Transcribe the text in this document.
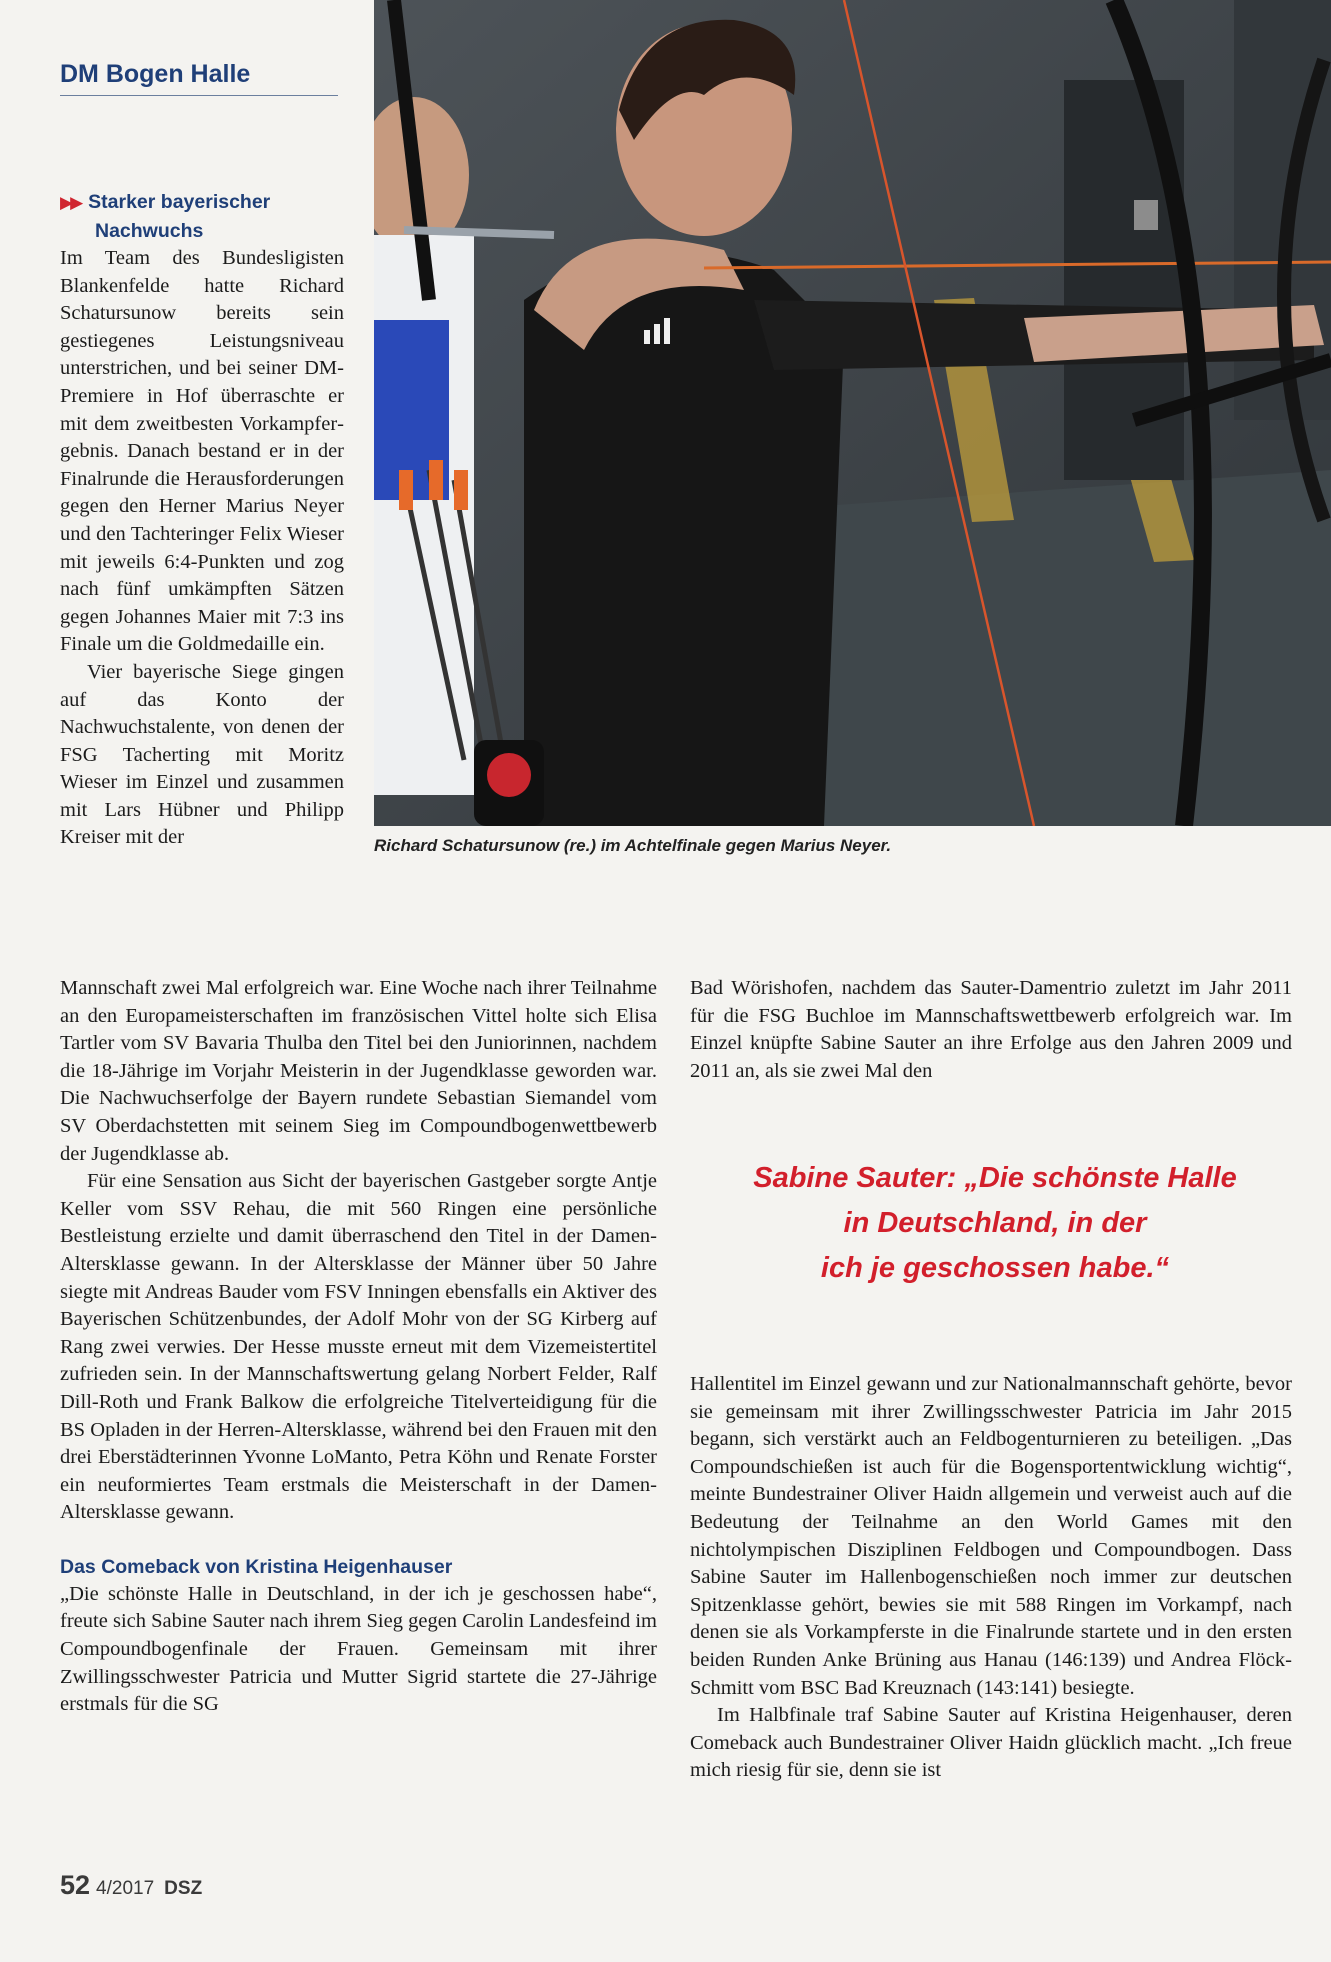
DM Bogen Halle
Richard Schatursunow (re.) im Achtelfinale gegen Marius Neyer.
▶▶ Starker bayerischer
Nachwuchs

Im Team des Bundesligisten Blankenfelde hatte Richard Schatursunow bereits sein gestiegenes Leistungsniveau unterstrichen, und bei seiner DM-Premiere in Hof überraschte er mit dem zweitbesten Vorkampfergebnis. Danach bestand er in der Finalrunde die Herausforderungen gegen den Herner Marius Neyer und den Tachteringer Felix Wieser mit jeweils 6:4-Punkten und zog nach fünf umkämpften Sätzen gegen Johannes Maier mit 7:3 ins Finale um die Goldmedaille ein.

Vier bayerische Siege gingen auf das Konto der Nachwuchstalente, von denen der FSG Tacherting mit Moritz Wieser im Einzel und zusammen mit Lars Hübner und Philipp Kreiser mit der

Mannschaft zwei Mal erfolgreich war. Eine Woche nach ihrer Teilnahme an den Europameisterschaften im französischen Vittel holte sich Elisa Tartler vom SV Bavaria Thulba den Titel bei den Juniorinnen, nachdem die 18-Jährige im Vorjahr Meisterin in der Jugendklasse geworden war. Die Nachwuchserfolge der Bayern rundete Sebastian Siemandel vom SV Oberdachstetten mit seinem Sieg im Compoundbogenwettbewerb der Jugendklasse ab.

Für eine Sensation aus Sicht der bayerischen Gastgeber sorgte Antje Keller vom SSV Rehau, die mit 560 Ringen eine persönliche Bestleistung erzielte und damit überraschend den Titel in der Damen-Altersklasse gewann. In der Altersklasse der Männer über 50 Jahre siegte mit Andreas Bauder vom FSV Inningen ebensfalls ein Aktiver des Bayerischen Schützenbundes, der Adolf Mohr von der SG Kirberg auf Rang zwei verwies. Der Hesse musste erneut mit dem Vizemeistertitel zufrieden sein. In der Mannschaftswertung gelang Norbert Felder, Ralf Dill-Roth und Frank Balkow die erfolgreiche Titelverteidigung für die BS Opladen in der Herren-Altersklasse, während bei den Frauen mit den drei Eberstädterinnen Yvonne LoManto, Petra Köhn und Renate Forster ein neuformiertes Team erstmals die Meisterschaft in der Damen-Altersklasse gewann.

Das Comeback von Kristina Heigenhauser

„Die schönste Halle in Deutschland, in der ich je geschossen habe“, freute sich Sabine Sauter nach ihrem Sieg gegen Carolin Landesfeind im Compoundbogenfinale der Frauen. Gemeinsam mit ihrer Zwillingsschwester Patricia und Mutter Sigrid startete die 27-Jährige erstmals für die SG

Bad Wörishofen, nachdem das Sauter-Damentrio zuletzt im Jahr 2011 für die FSG Buchloe im Mannschaftswettbewerb erfolgreich war. Im Einzel knüpfte Sabine Sauter an ihre Erfolge aus den Jahren 2009 und 2011 an, als sie zwei Mal den

Sabine Sauter: „Die schönste Halle
in Deutschland, in der
ich je geschossen habe.“

Hallentitel im Einzel gewann und zur Nationalmannschaft gehörte, bevor sie gemeinsam mit ihrer Zwillingsschwester Patricia im Jahr 2015 begann, sich verstärkt auch an Feldbogenturnieren zu beteiligen. „Das Compoundschießen ist auch für die Bogensportentwicklung wichtig“, meinte Bundestrainer Oliver Haidn allgemein und verweist auch auf die Bedeutung der Teilnahme an den World Games mit den nichtolympischen Disziplinen Feldbogen und Compoundbogen. Dass Sabine Sauter im Hallenbogenschießen noch immer zur deutschen Spitzenklasse gehört, bewies sie mit 588 Ringen im Vorkampf, nach denen sie als Vorkampferste in die Finalrunde startete und in den ersten beiden Runden Anke Brüning aus Hanau (146:139) und Andrea FlöckSchmitt vom BSC Bad Kreuznach (143:141) besiegte.

Im Halbfinale traf Sabine Sauter auf Kristina Heigenhauser, deren Comeback auch Bundestrainer Oliver Haidn glücklich macht. „Ich freue mich riesig für sie, denn sie ist

52 4/2017 DSZ
